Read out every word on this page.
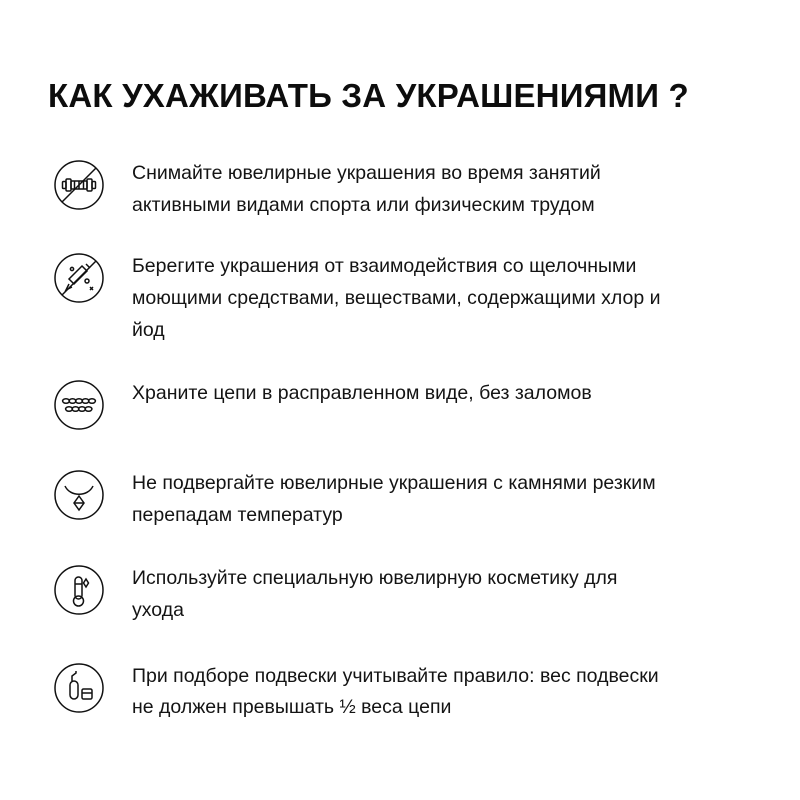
КАК УХАЖИВАТЬ ЗА УКРАШЕНИЯМИ ?
Снимайте ювелирные украшения во время занятий активными видами спорта или физическим трудом
Берегите украшения от взаимодействия со щелочными моющими средствами, веществами, содержащими хлор и йод
Храните цепи в расправленном виде, без заломов
Не подвергайте ювелирные украшения с камнями резким перепадам температур
Используйте специальную ювелирную косметику для ухода
При подборе подвески учитывайте правило: вес подвески не должен превышать ½ веса цепи
